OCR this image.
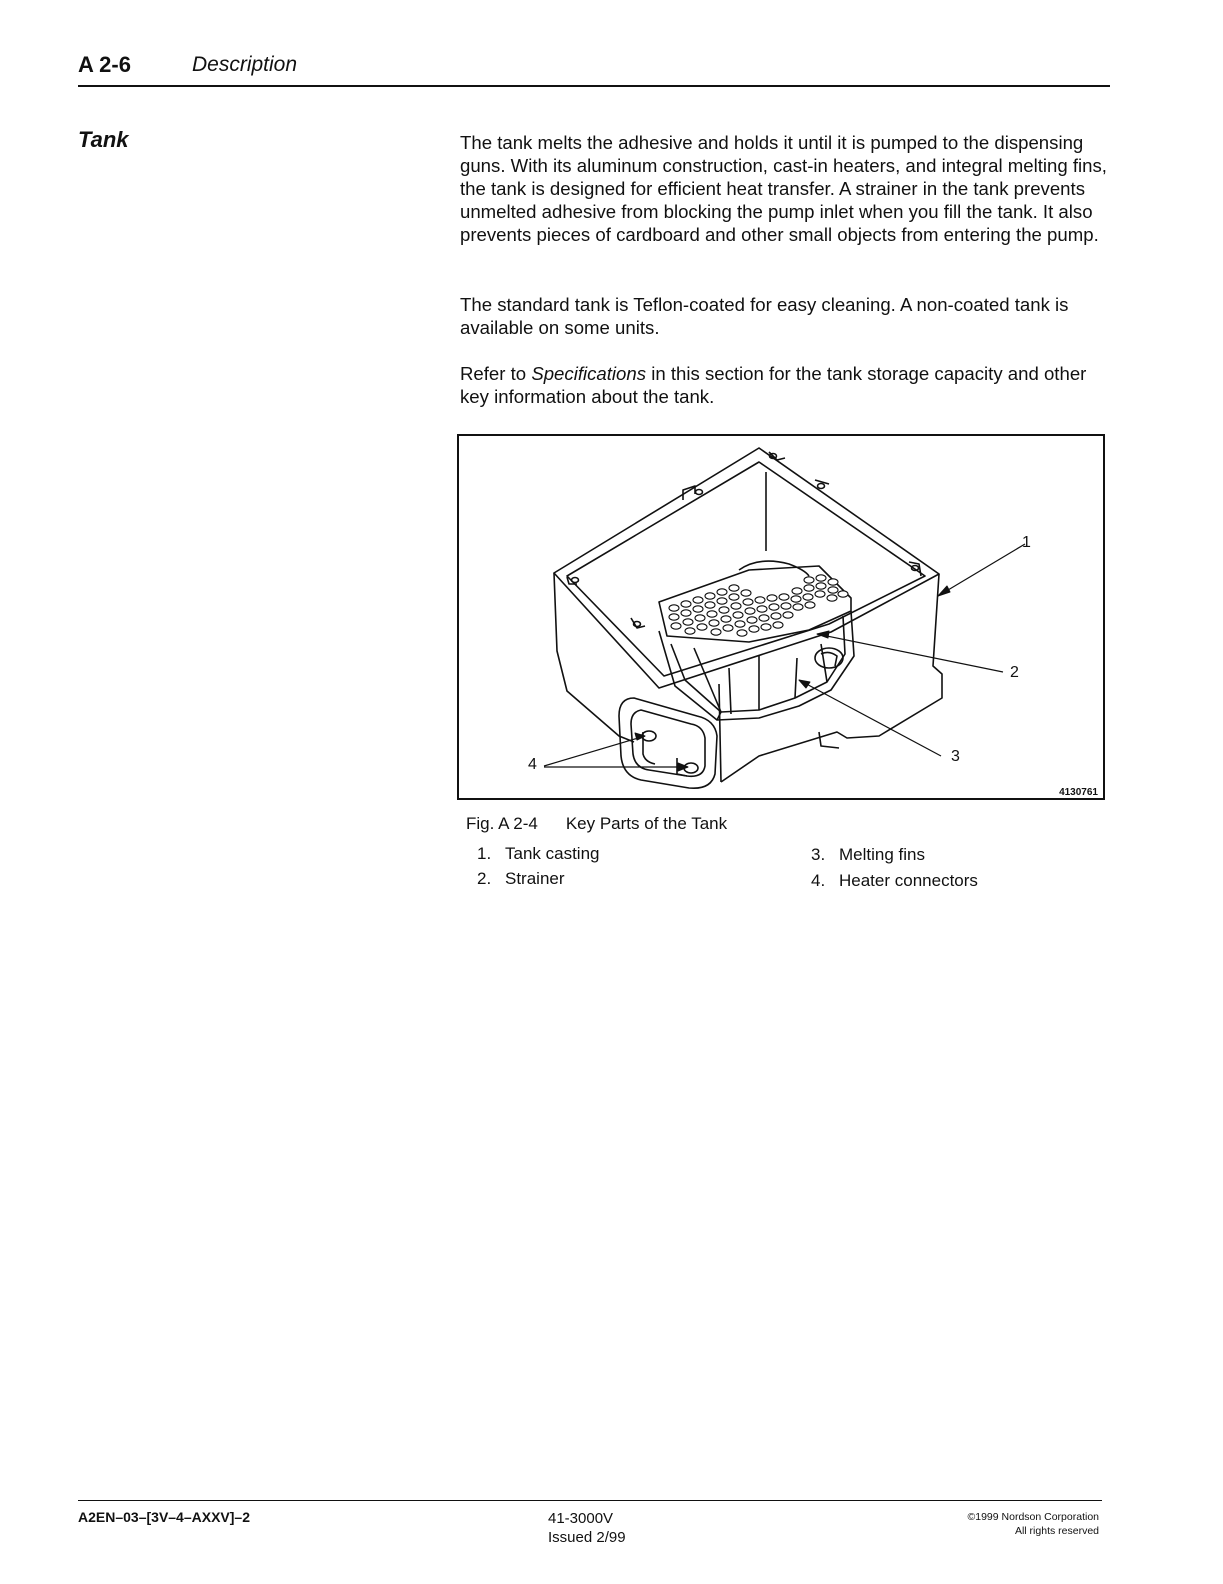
A 2-6	Description
Tank	The tank melts the adhesive and holds it until it is pumped to the dispensing guns. With its aluminum construction, cast-in heaters, and integral melting fins, the tank is designed for efficient heat transfer. A strainer in the tank prevents unmelted adhesive from blocking the pump inlet when you fill the tank. It also prevents pieces of cardboard and other small objects from entering the pump.

The standard tank is Teflon-coated for easy cleaning. A non-coated tank is available on some units.

Refer to Specifications in this section for the tank storage capacity and other key information about the tank.

1
2
3
4
4130761
Fig. A 2-4 Key Parts of the Tank
1. Tank casting
2. Strainer
3. Melting fins
4. Heater connectors
A2EN–03–[3V–4–AXXV]–2	41-3000V
Issued 2/99
©1999 Nordson Corporation
All rights reserved
